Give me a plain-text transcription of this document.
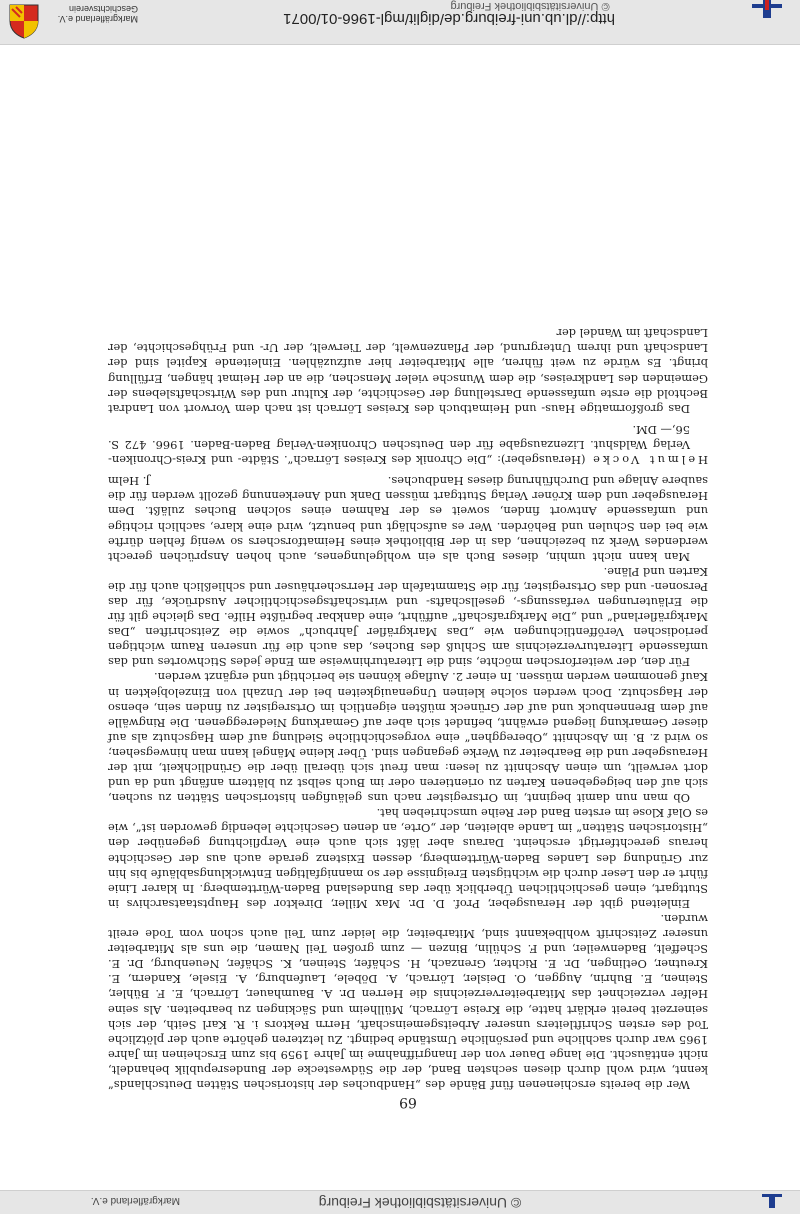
Markgräflerland e.V. Geschichtsverein	© Universitätsbibliothek Freiburg
http://dl.ub.uni-freiburg.de/diglit/mgl-1966-01/0071
69

Wer die bereits erschienenen fünf Bände des „Handbuches der historischen Stätten Deutschlands“ kennt, wird wohl durch diesen sechsten Band, der die Südwestecke der Bundesrepublik behandelt, nicht enttäuscht. Die lange Dauer von der Inangriffnahme im Jahre 1959 bis zum Erscheinen im Jahre 1965 war durch sachliche und persönliche Umstände bedingt. Zu letzteren gehörte auch der plötzliche Tod des ersten Schriftleiters unserer Arbeitsgemeinschaft, Herrn Rektors i. R. Karl Seith, der sich seinerzeit bereit erklärt hatte, die Kreise Lörrach, Müllheim und Säckingen zu bearbeiten. Als seine Helfer verzeichnet das Mitarbeiterverzeichnis die Herren Dr. A. Baumhauer, Lörrach, E. F. Bühler, Steinen, E. Buhrin, Auggen, O. Deisler, Lörrach, A. Döbele, Laufenburg, A. Eisele, Kandern, E. Kreutner, Oetlingen, Dr. E. Richter, Grenzach, H. Schäfer, Steinen, K. Schäfer, Neuenburg, Dr. E. Scheffelt, Badenweiler, und F. Schülin, Binzen — zum großen Teil Namen, die uns als Mitarbeiter unserer Zeitschrift wohlbekannt sind, Mitarbeiter, die leider zum Teil auch schon vom Tode ereilt wurden.

Einleitend gibt der Herausgeber, Prof. D. Dr. Max Miller, Direktor des Hauptstaatsarchivs in Stuttgart, einen geschichtlichen Überblick über das Bundesland Baden-Württemberg. In klarer Linie führt er den Leser durch die wichtigsten Ereignisse der so mannigfaltigen Entwicklungsabläufe bis hin zur Gründung des Landes Baden-Württemberg, dessen Existenz gerade auch aus der Geschichte heraus gerechtfertigt erscheint. Daraus aber läßt sich auch eine Verpflichtung gegenüber den „Historischen Stätten“ im Lande ableiten, der „Orte, an denen Geschichte lebendig geworden ist“, wie es Olaf Klose im ersten Band der Reihe umschrieben hat.

Ob man nun damit beginnt, im Ortsregister nach uns geläufigen historischen Stätten zu suchen, sich auf den beigegebenen Karten zu orientieren oder im Buch selbst zu blättern anfängt und da und dort verweilt, um einen Abschnitt zu lesen: man freut sich überall über die Gründlichkeit, mit der Herausgeber und die Bearbeiter zu Werke gegangen sind. Über kleine Mängel kann man hinwegsehen; so wird z. B. im Abschnitt „Oberegghen“ eine vorgeschichtliche Siedlung auf dem Hagschutz als auf dieser Gemarkung liegend erwähnt, befindet sich aber auf Gemarkung Niedereggenen. Die Ringwälle auf dem Brennenbuck und auf der Grüneck müßten eigentlich im Ortsregister zu finden sein, ebenso der Hagschutz. Doch werden solche kleinen Ungenauigkeiten bei der Unzahl von Einzelobjekten in Kauf genommen werden müssen. In einer 2. Auflage können sie berichtigt und ergänzt werden.

Für den, der weiterforschen möchte, sind die Literaturhinweise am Ende jedes Stichwortes und das umfassende Literaturverzeichnis am Schluß des Buches, das auch die für unseren Raum wichtigen periodischen Veröffentlichungen wie „Das Markgräfler Jahrbuch“ sowie die Zeitschriften „Das Markgräflerland“ und „Die Markgrafschaft“ aufführt, eine dankbar begrüßte Hilfe. Das gleiche gilt für die Erläuterungen verfassungs-, gesellschafts- und wirtschaftsgeschichtlicher Ausdrücke, für das Personen- und das Ortsregister, für die Stammtafeln der Herrscherhäuser und schließlich auch für die Karten und Pläne.

Man kann nicht umhin, dieses Buch als ein wohlgelungenes, auch hohen Ansprüchen gerecht werdendes Werk zu bezeichnen, das in der Bibliothek eines Heimatforschers so wenig fehlen dürfte wie bei den Schulen und Behörden. Wer es aufschlägt und benutzt, wird eine klare, sachlich richtige und umfassende Antwort finden, soweit es der Rahmen eines solchen Buches zuläßt. Dem Herausgeber und dem Kröner Verlag Stuttgart müssen Dank und Anerkennung gezollt werden für die saubere Anlage und Durchführung dieses Handbuches.

J. Helm

Helmut Vocke (Herausgeber): „Die Chronik des Kreises Lörrach“. Städte- und Kreis-Chroniken-Verlag Waldshut. Lizenzausgabe für den Deutschen Chroniken-Verlag Baden-Baden. 1966. 472 S. 56,— DM.

Das großformatige Haus- und Heimatbuch des Kreises Lörrach ist nach dem Vorwort von Landrat Bechtold die erste umfassende Darstellung der Geschichte, der Kultur und des Wirtschaftslebens der Gemeinden des Landkreises, die dem Wunsche vieler Menschen, die an der Heimat hängen, Erfüllung bringt. Es würde zu weit führen, alle Mitarbeiter hier aufzuzählen. Einleitende Kapitel sind der Landschaft und ihrem Untergrund, der Pflanzenwelt, der Tierwelt, der Ur- und Frühgeschichte, der Landschaft im Wandel der

Markgräflerland e.V.	© Universitätsbibliothek Freiburg
